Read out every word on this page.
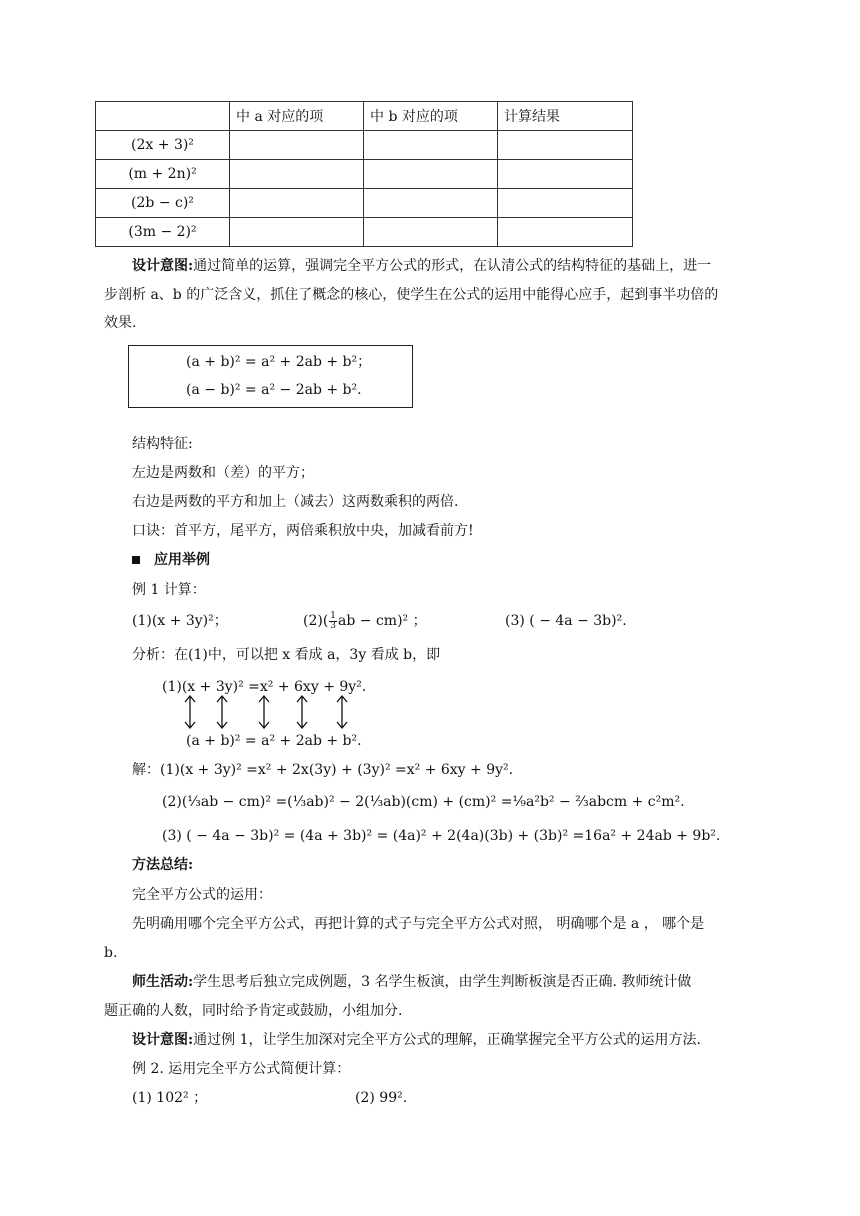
	中 a 对应的项	中 b 对应的项	计算结果
(2x + 3)²			
(m + 2n)²			
(2b − c)²			
(3m − 2)²			
设计意图:通过简单的运算，强调完全平方公式的形式，在认清公式的结构特征的基础上，进一
步剖析 a、b 的广泛含义，抓住了概念的核心，使学生在公式的运用中能得心应手，起到事半功倍的
效果.
(a + b)² = a² + 2ab + b²；
(a − b)² = a² − 2ab + b².
结构特征:
左边是两数和（差）的平方；
右边是两数的平方和加上（减去）这两数乘积的两倍.
口诀：首平方，尾平方，两倍乘积放中央，加减看前方!
应用举例
例 1 计算：
(1)(x + 3y)²；	$(2)( \frac{1}{3}$ ab − cm)² ；	(3) ( − 4a − 3b)².
分析：在(1)中，可以把 x 看成 a，3y 看成 b，即
(1)(x + 3y)² =x² + 6xy + 9y².
(a + b)² = a² + 2ab + b².
解：(1)(x + 3y)² =x² + 2x(3y) + (3y)² =x² + 6xy + 9y².
(2)(⅓ab − cm)² =(⅓ab)² − 2(⅓ab)(cm) + (cm)² =⅑a²b² − ⅔abcm + c²m².
(3) ( − 4a − 3b)² = (4a + 3b)² = (4a)² + 2(4a)(3b) + (3b)² =16a² + 24ab + 9b².
方法总结:
完全平方公式的运用：
先明确用哪个完全平方公式，再把计算的式子与完全平方公式对照， 明确哪个是 a ， 哪个是
b.
师生活动:学生思考后独立完成例题，3 名学生板演，由学生判断板演是否正确. 教师统计做
题正确的人数，同时给予肯定或鼓励，小组加分.
设计意图:通过例 1，让学生加深对完全平方公式的理解，正确掌握完全平方公式的运用方法.
例 2. 运用完全平方公式简便计算：
(1) 102² ；	(2) 99².
